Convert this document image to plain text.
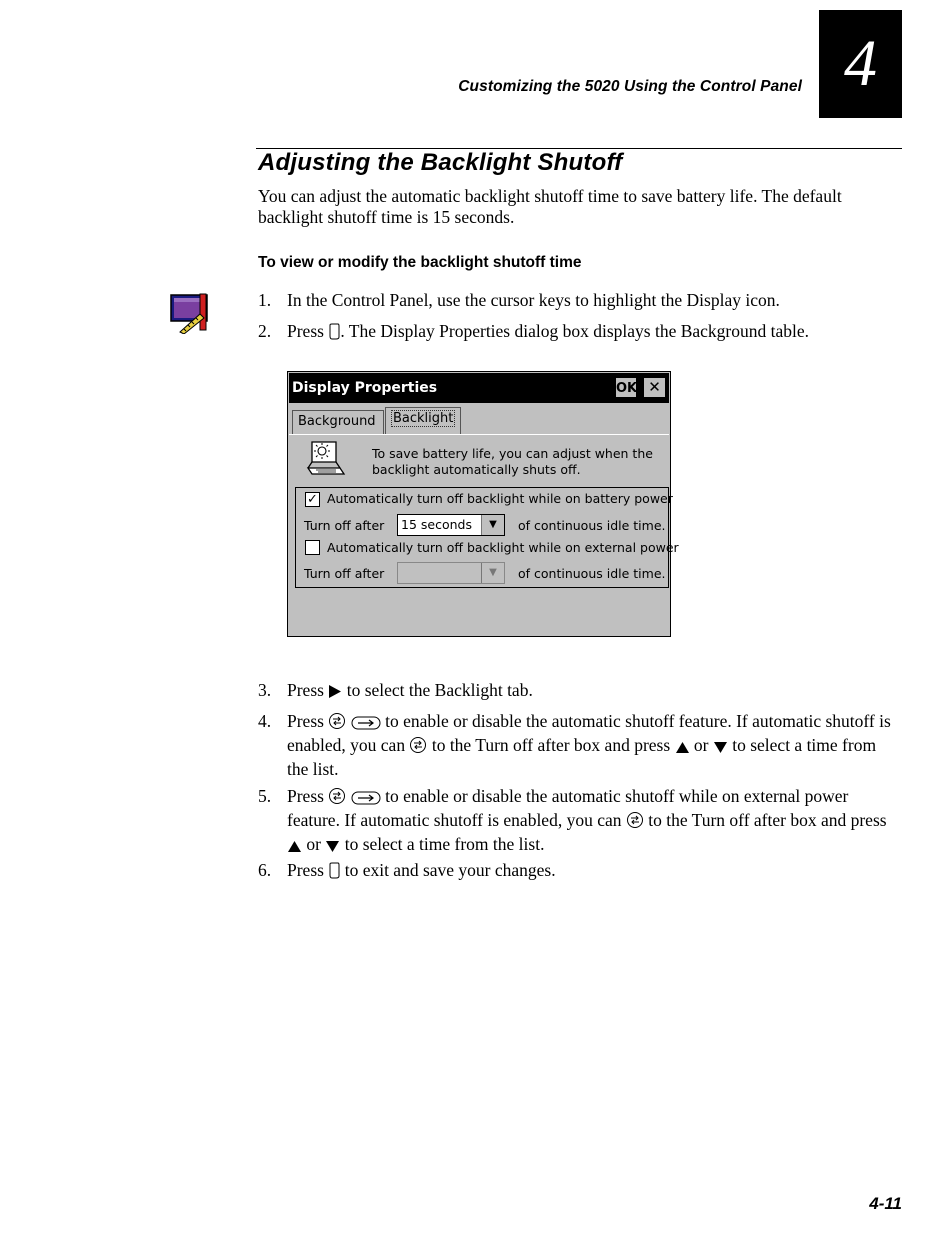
Customizing the 5020 Using the Control Panel 4
Adjusting the Backlight Shutoff
You can adjust the automatic backlight shutoff time to save battery life. The default backlight shutoff time is 15 seconds.
To view or modify the backlight shutoff time
1. In the Control Panel, use the cursor keys to highlight the Display icon.
2. Press . The Display Properties dialog box displays the Background table.
Display Properties	OK ✕
Background	Backlight
To save battery life, you can adjust when the backlight automatically shuts off.
✓ Automatically turn off backlight while on battery power
Turn off after	15 seconds	▼	of continuous idle time.
Automatically turn off backlight while on external power
Turn off after	▼	of continuous idle time.
3. Press  to select the Backlight tab.
4. Press	to enable or disable the automatic shutoff feature. If automatic shutoff is enabled, you can  to the Turn off after box and press  or  to select a time from the list.
5. Press	to enable or disable the automatic shutoff while on external power feature. If automatic shutoff is enabled, you can  to the Turn off after box and press  or  to select a time from the list.
6. Press  to exit and save your changes.
4-11
